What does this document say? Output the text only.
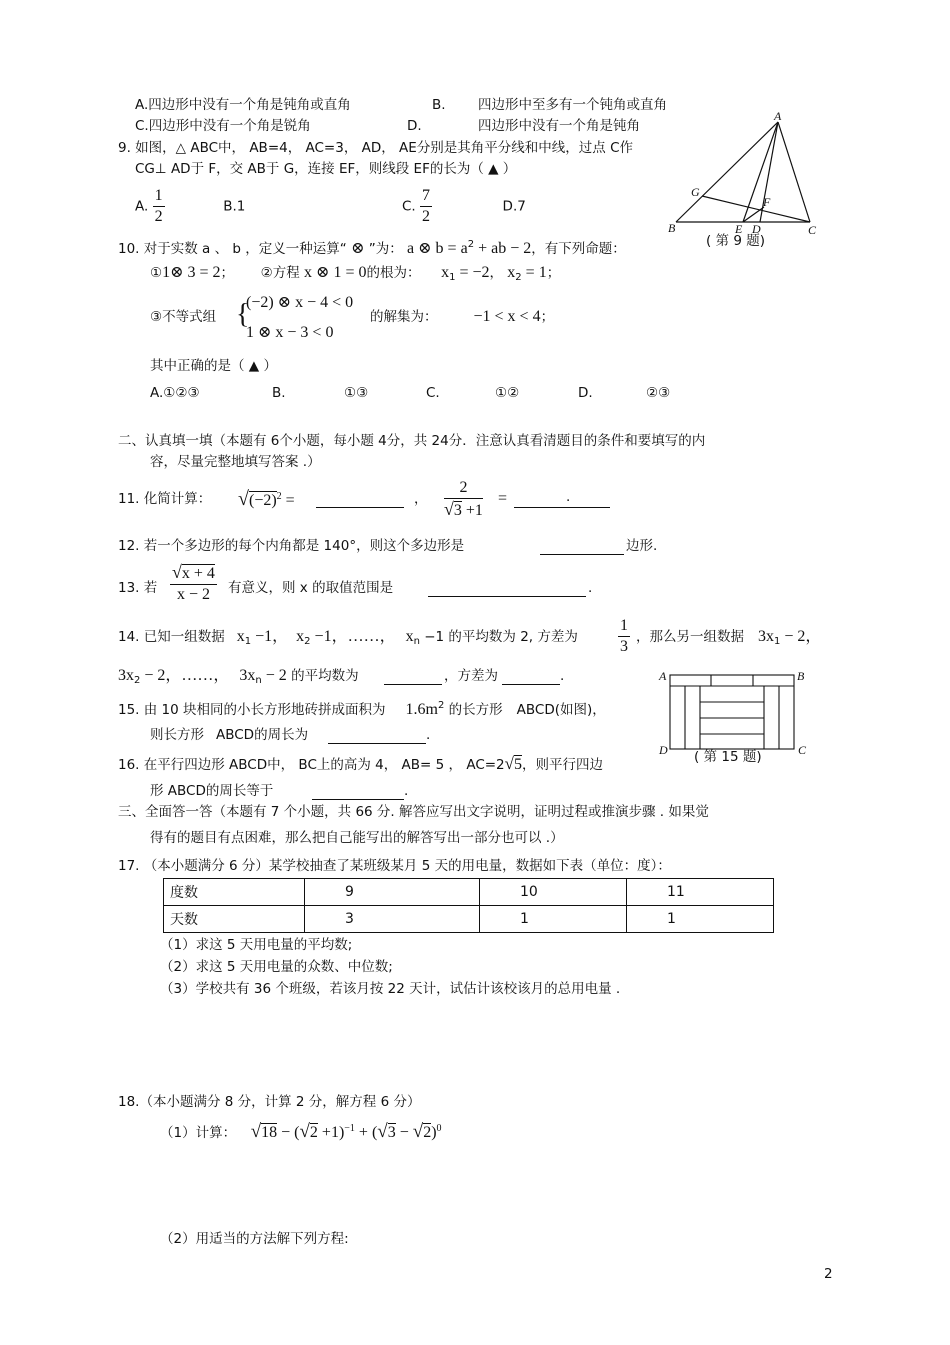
A.四边形中没有一个角是钝角或直角	B. 四边形中至多有一个钝角或直角
C.四边形中没有一个角是锐角	D.	四边形中没有一个角是钝角
9. 如图，△ ABC中， AB=4， AC=3， AD， AE分别是其角平分线和中线，过点 C作
CG⊥ AD于 F，交 AB于 G，连接 EF，则线段 EF的长为（ ▲ ）
A. $\frac{1}{2}$	B.1	C. $\frac{7}{2}$	D.7
A
B	C
D
E
F
G
( 第 9 题)
10. 对于实数 a 、 b ，定义一种运算“ ⊗ ”为： a ⊗ $b = a^2$ + ab − 2，有下列命题：
①1⊗ 3 = 2； ②方程 x ⊗ 1 = 0的根为： $x_1 = -2$， $x_2 = 1$；
③不等式组 {
(−2) ⊗ x − 4 < 0
1 ⊗ x − 3 < 0
的解集为： −1 < x < 4；
其中正确的是（ ▲ ）
A.①②③	B.	①③	C.	①②	D.	②③
二、认真填一填（本题有 6个小题，每小题 4分，共 24分．注意认真看清题目的条件和要填写的内
容，尽量完整地填写答案 .）
11. 化简计算： $√(-2)^2$ =	， $\frac{2}{√3 +1}$ =	.
12. 若一个多边形的每个内角都是 140°，则这个多边形是	边形.
13. 若 $\frac{√x + 4}{x - 2}$ 有意义，则 x 的取值范围是	.
14. 已知一组数据 $x_1 -1$， $x_2 -1$，……， $x_n -1$ 的平均数为 2, 方差为	$\frac{1}{3}$ ，那么另一组数据 $3x_1 - 2$，
$3x_2 - 2$，……， $3x_n - 2$ 的平均数为	，方差为	.
15. 由 10 块相同的小长方形地砖拼成面积为 $1.6m^2$ 的长方形 ABCD(如图)，
则长方形 ABCD的周长为	.
A	B
C
D ( 第 15 题)
16. 在平行四边形 ABCD中， BC上的高为 4， AB= 5 ， AC=2√5，则平行四边
形 ABCD的周长等于	.
三、全面答一答（本题有 7 个小题，共 66 分. 解答应写出文字说明，证明过程或推演步骤 . 如果觉
得有的题目有点困难，那么把自己能写出的解答写出一部分也可以 .）
17. （本小题满分 6 分）某学校抽查了某班级某月 5 天的用电量，数据如下表（单位：度）：
度数	9	10	11
天数	3	1	1
（1）求这 5 天用电量的平均数;
（2）求这 5 天用电量的众数、中位数;
（3）学校共有 36 个班级，若该月按 22 天计，试估计该校该月的总用电量 .
18.（本小题满分 8 分，计算 2 分，解方程 6 分）
（1）计算： $√18 - (√2 +1)^{-1} + (√3 - √2)^0$
（2）用适当的方法解下列方程:
2
